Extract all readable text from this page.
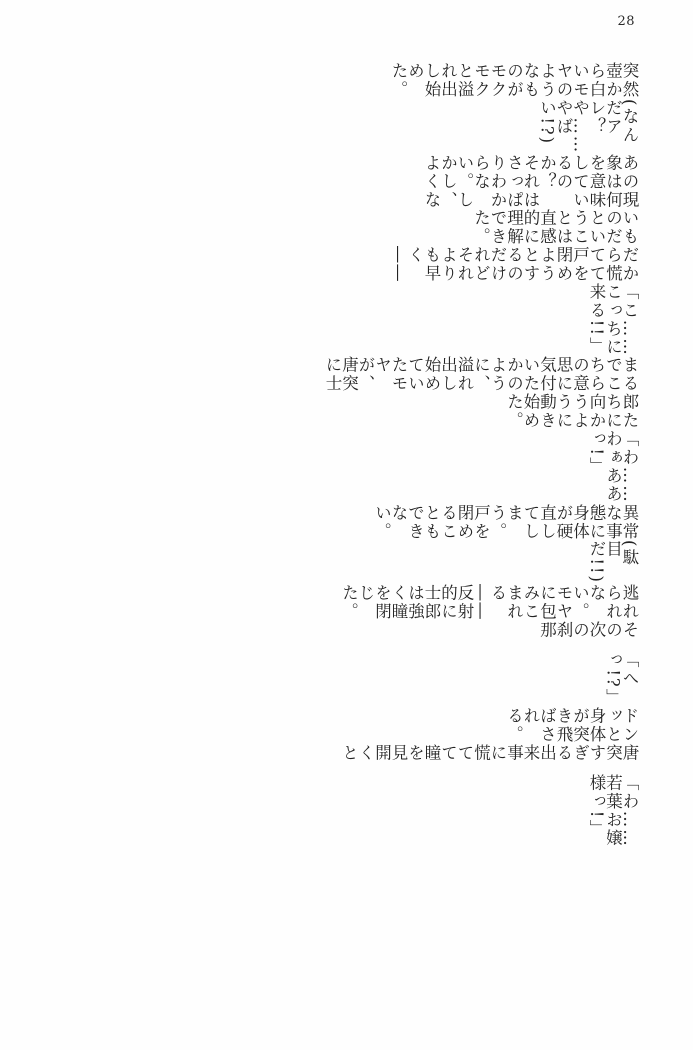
28
突然壺から白いモヤのようなものがモクモクと溢れ出し始めた。
(なんだアレ？　や……やばい!?)
あの現象は何を意味しているのか？　それはさっぱりわからない。しかし、よくな
いものだということは直感的に理解できた。
だから慌てて戸を閉めようとするのだけれどそれよりも早く――
「こ……こっちに来る!!」
まるでこちらの意思に気付いたかのように、溢れ出し始めていたモヤが、唐突に士
郎たちに向かうように動き始めた。
「わ……わぁああっ!」
異常な事態に身体が硬直してしまう。戸を閉めることもできない。
(駄目だ!!)
逃れられない。モヤに包みこまれる――反射的に士郎は強く瞳を閉じた。
その次の刹那
「へっ!?」
ドンッと身体が突き飛ばされる。
唐突すぎる出来事に慌てて瞳を見開くと
「わ……若葉お嬢様っ!」
